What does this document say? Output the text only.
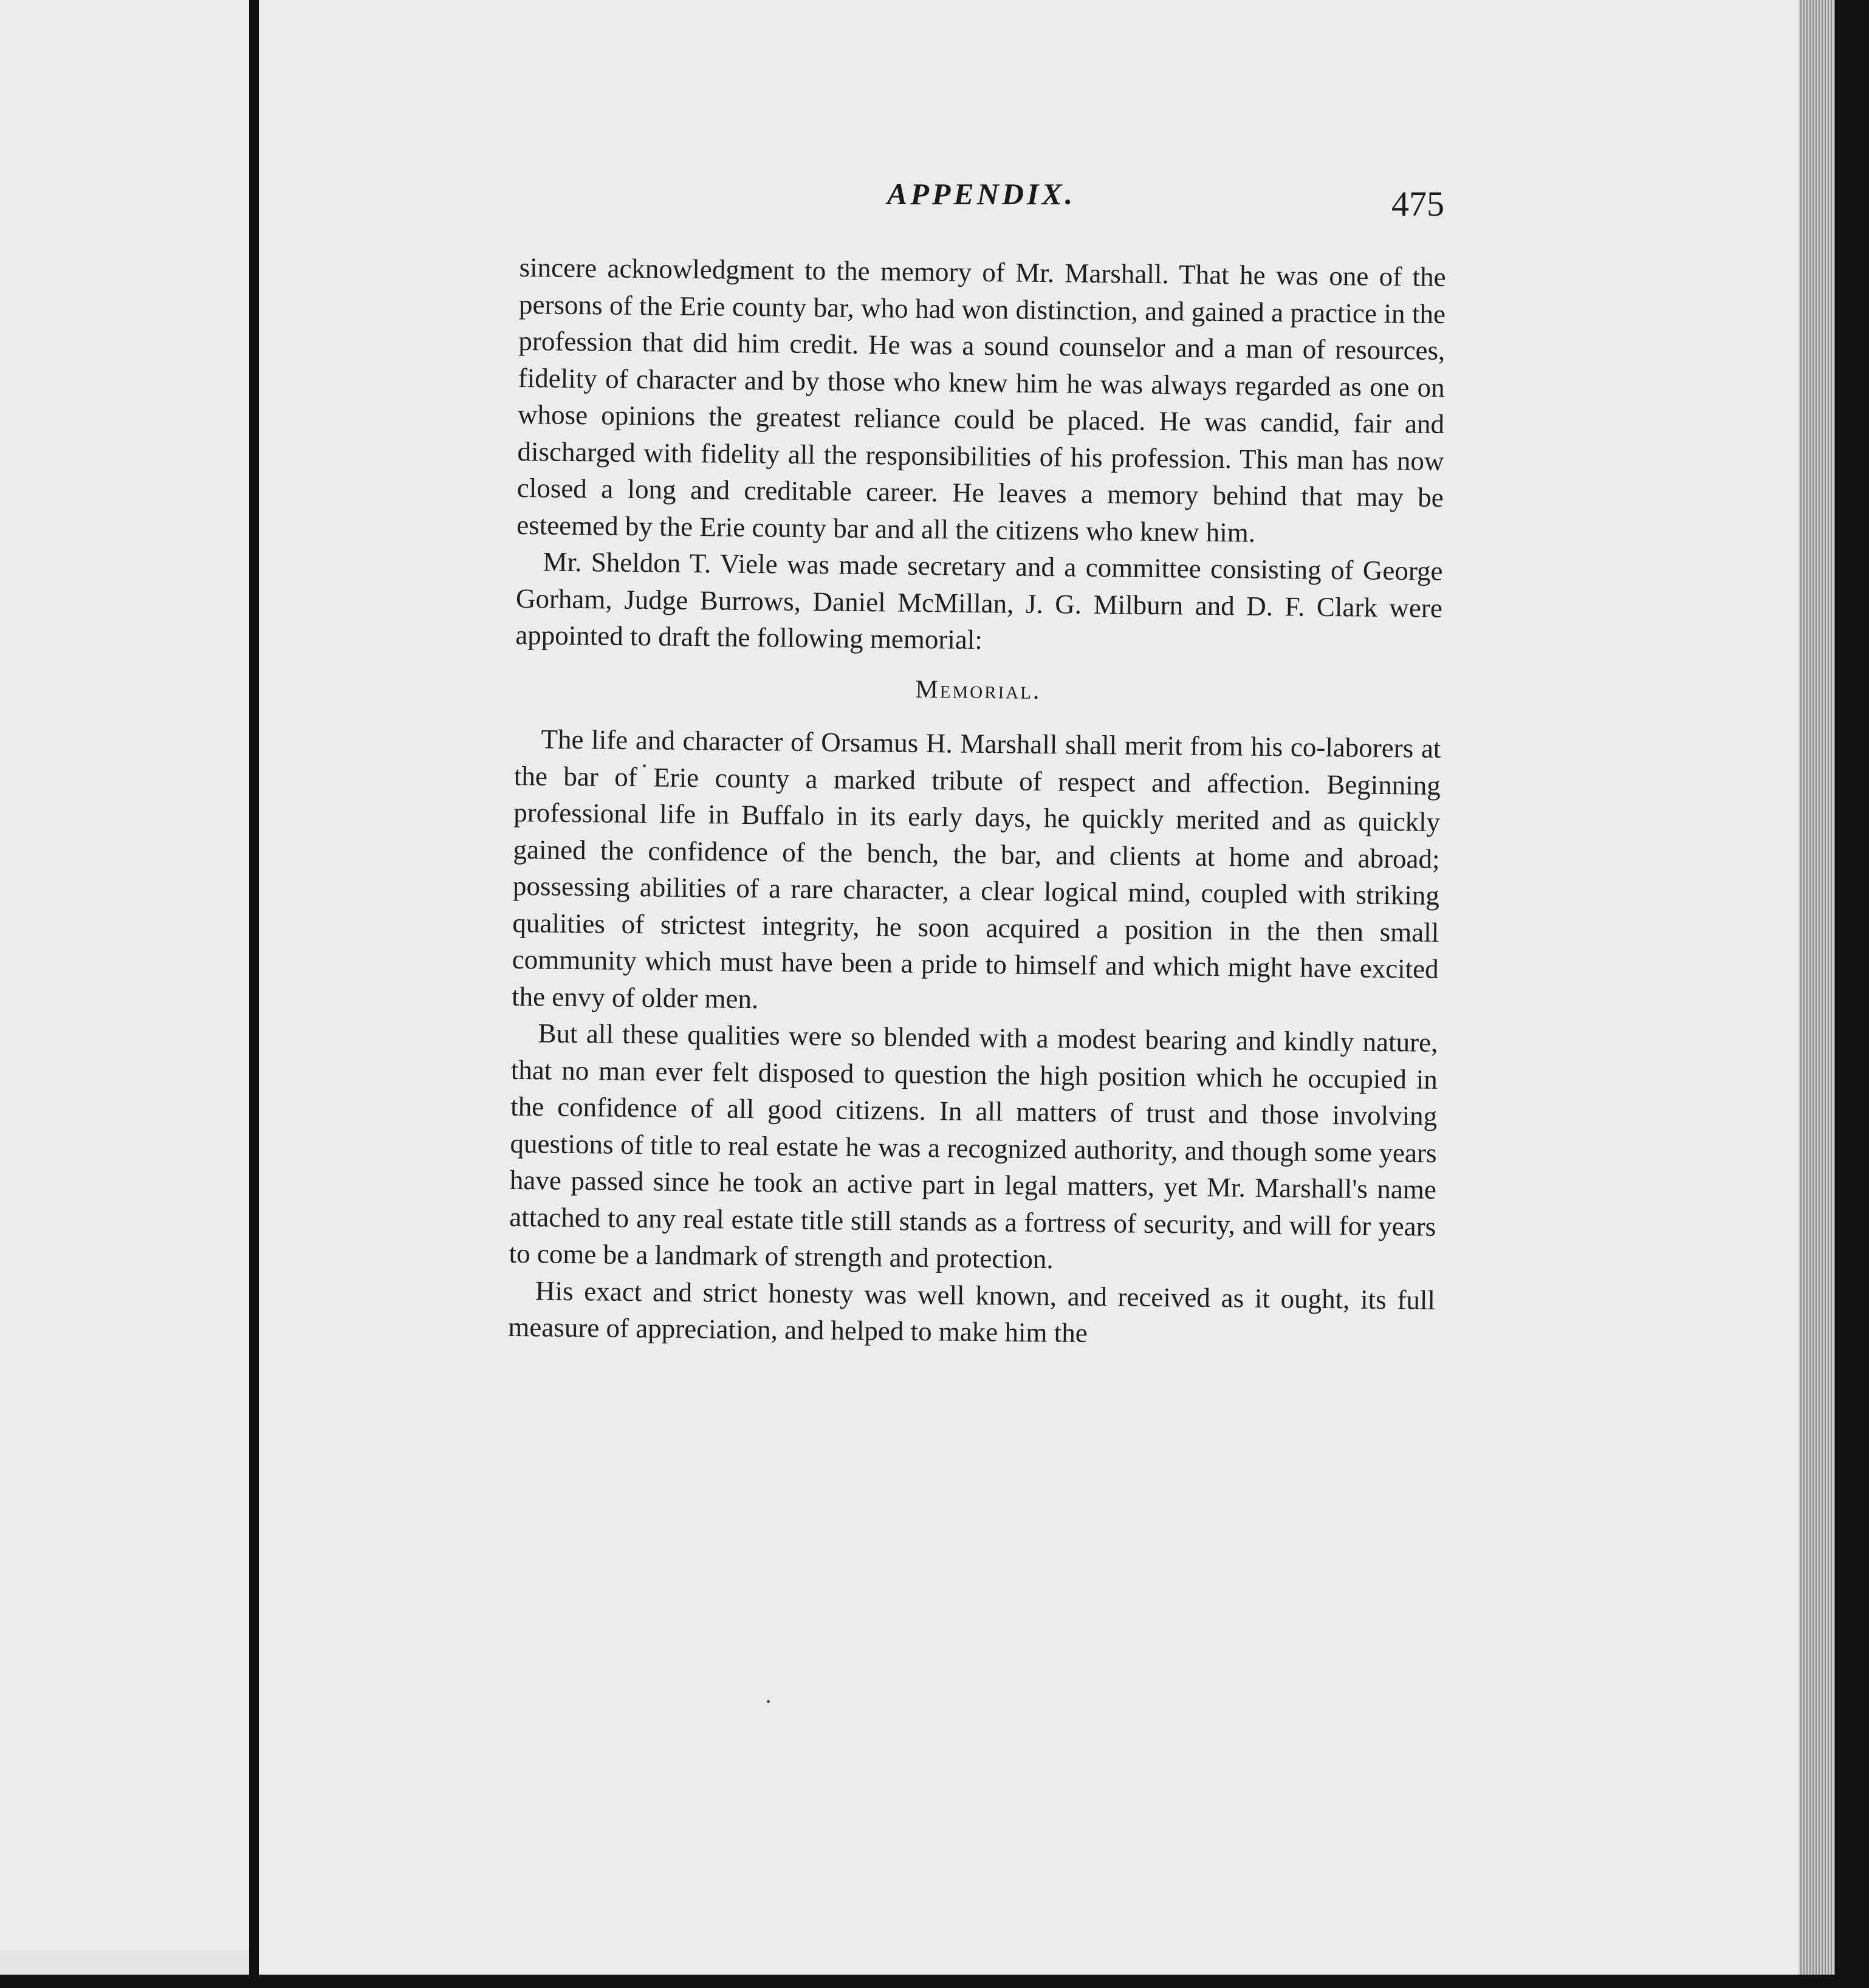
APPENDIX.	475

sincere acknowledgment to the memory of Mr. Marshall. That he was one of the persons of the Erie county bar, who had won distinction, and gained a practice in the profession that did him credit. He was a sound counselor and a man of resources, fidelity of character and by those who knew him he was always regarded as one on whose opinions the greatest reliance could be placed. He was candid, fair and discharged with fidelity all the responsibilities of his profession. This man has now closed a long and creditable career. He leaves a memory behind that may be esteemed by the Erie county bar and all the citizens who knew him.

Mr. Sheldon T. Viele was made secretary and a committee consisting of George Gorham, Judge Burrows, Daniel McMillan, J. G. Milburn and D. F. Clark were appointed to draft the following memorial:

Memorial.

The life and character of Orsamus H. Marshall shall merit from his co-laborers at the bar of Erie county a marked tribute of respect and affection. Beginning professional life in Buffalo in its early days, he quickly merited and as quickly gained the confidence of the bench, the bar, and clients at home and abroad; possessing abilities of a rare character, a clear logical mind, coupled with striking qualities of strictest integrity, he soon acquired a position in the then small community which must have been a pride to himself and which might have excited the envy of older men.

But all these qualities were so blended with a modest bearing and kindly nature, that no man ever felt disposed to question the high position which he occupied in the confidence of all good citizens. In all matters of trust and those involving questions of title to real estate he was a recognized authority, and though some years have passed since he took an active part in legal matters, yet Mr. Marshall's name attached to any real estate title still stands as a fortress of security, and will for years to come be a landmark of strength and protection.

His exact and strict honesty was well known, and received as it ought, its full measure of appreciation, and helped to make him the
